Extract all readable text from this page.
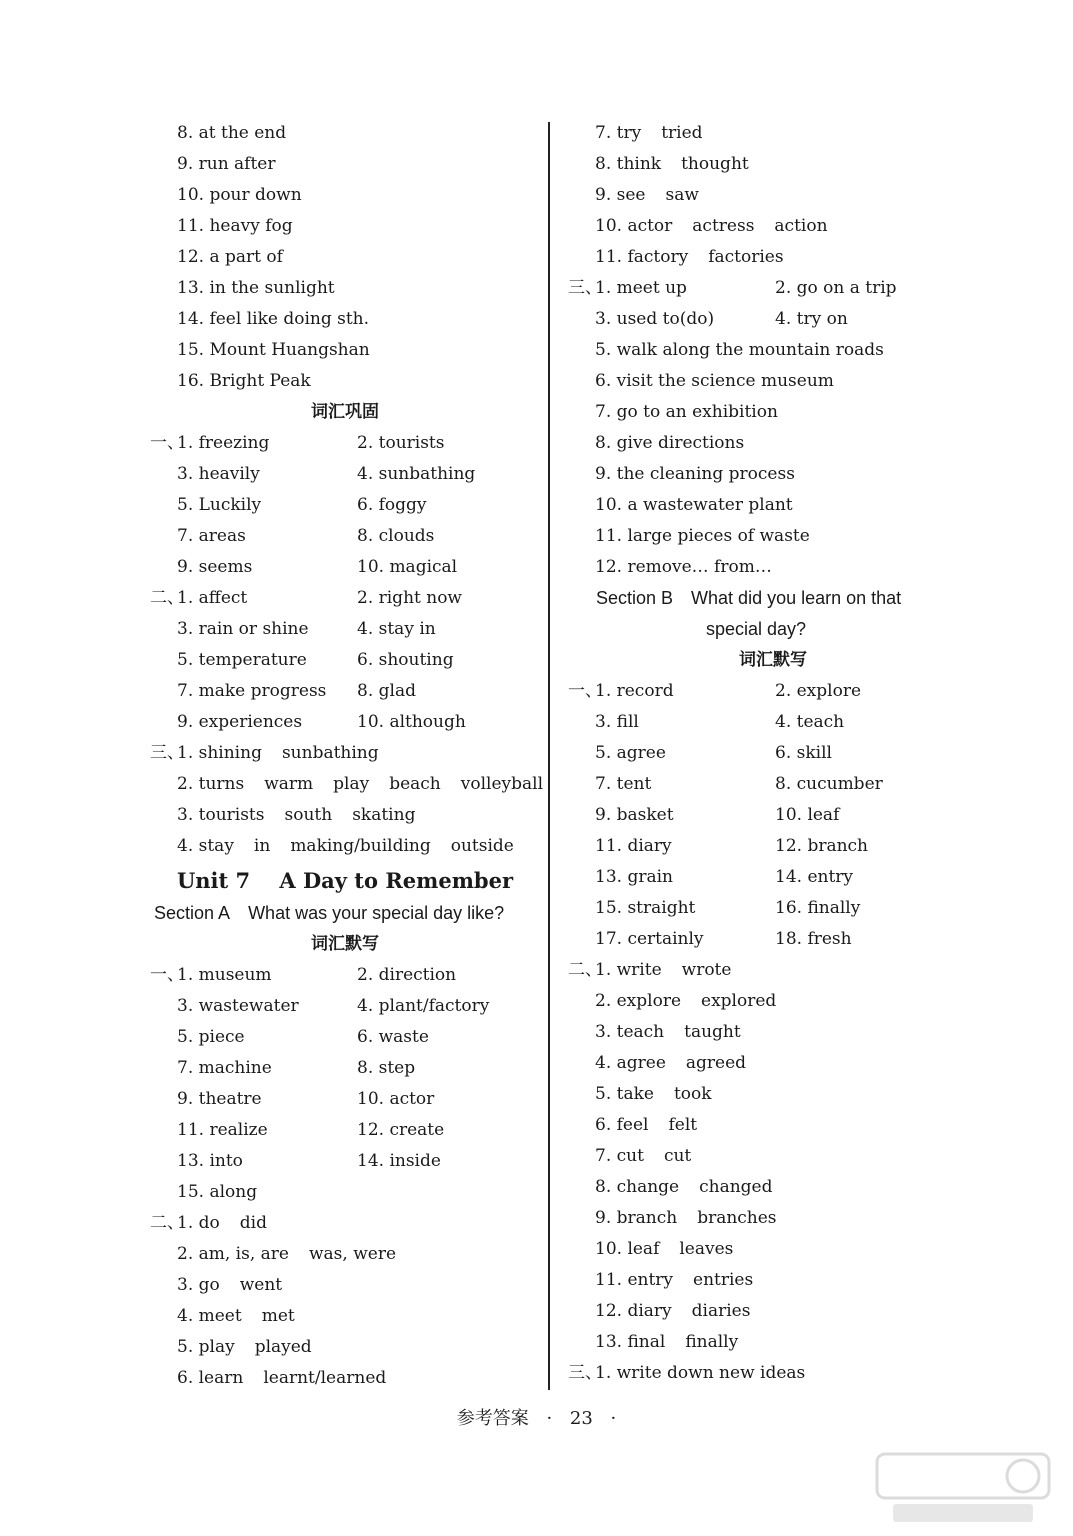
8. at the end
9. run after
10. pour down
11. heavy fog
12. a part of
13. in the sunlight
14. feel like doing sth.
15. Mount Huangshan
16. Bright Peak
词汇巩固
一、
1. freezing	2. tourists
3. heavily	4. sunbathing
5. Luckily	6. foggy
7. areas	8. clouds
9. seems	10. magical
二、
1. affect	2. right now
3. rain or shine	4. stay in
5. temperature	6. shouting
7. make progress	8. glad
9. experiences	10. although
三、
1. shining sunbathing
2. turns warm play beach volleyball
3. tourists south skating
4. stay in making/building outside
Unit 7    A Day to Remember
Section A What was your special day like?
词汇默写
一、
1. museum	2. direction
3. wastewater	4. plant/factory
5. piece	6. waste
7. machine	8. step
9. theatre	10. actor
11. realize	12. create
13. into	14. inside
15. along
二、
1. do did
2. am, is, are was, were
3. go went
4. meet met
5. play played
6. learn learnt/learned
7. try tried
8. think thought
9. see saw
10. actor actress action
11. factory factories
三、
1. meet up	2. go on a trip
3. used to(do)	4. try on
5. walk along the mountain roads
6. visit the science museum
7. go to an exhibition
8. give directions
9. the cleaning process
10. a wastewater plant
11. large pieces of waste
12. remove… from…
Section B What did you learn on that
special day?
词汇默写
一、
1. record	2. explore
3. fill	4. teach
5. agree	6. skill
7. tent	8. cucumber
9. basket	10. leaf
11. diary	12. branch
13. grain	14. entry
15. straight	16. finally
17. certainly	18. fresh
二、
1. write wrote
2. explore explored
3. teach taught
4. agree agreed
5. take took
6. feel felt
7. cut cut
8. change changed
9. branch branches
10. leaf leaves
11. entry entries
12. diary diaries
13. final finally
三、
1. write down new ideas
参考答案 · 23 ·
